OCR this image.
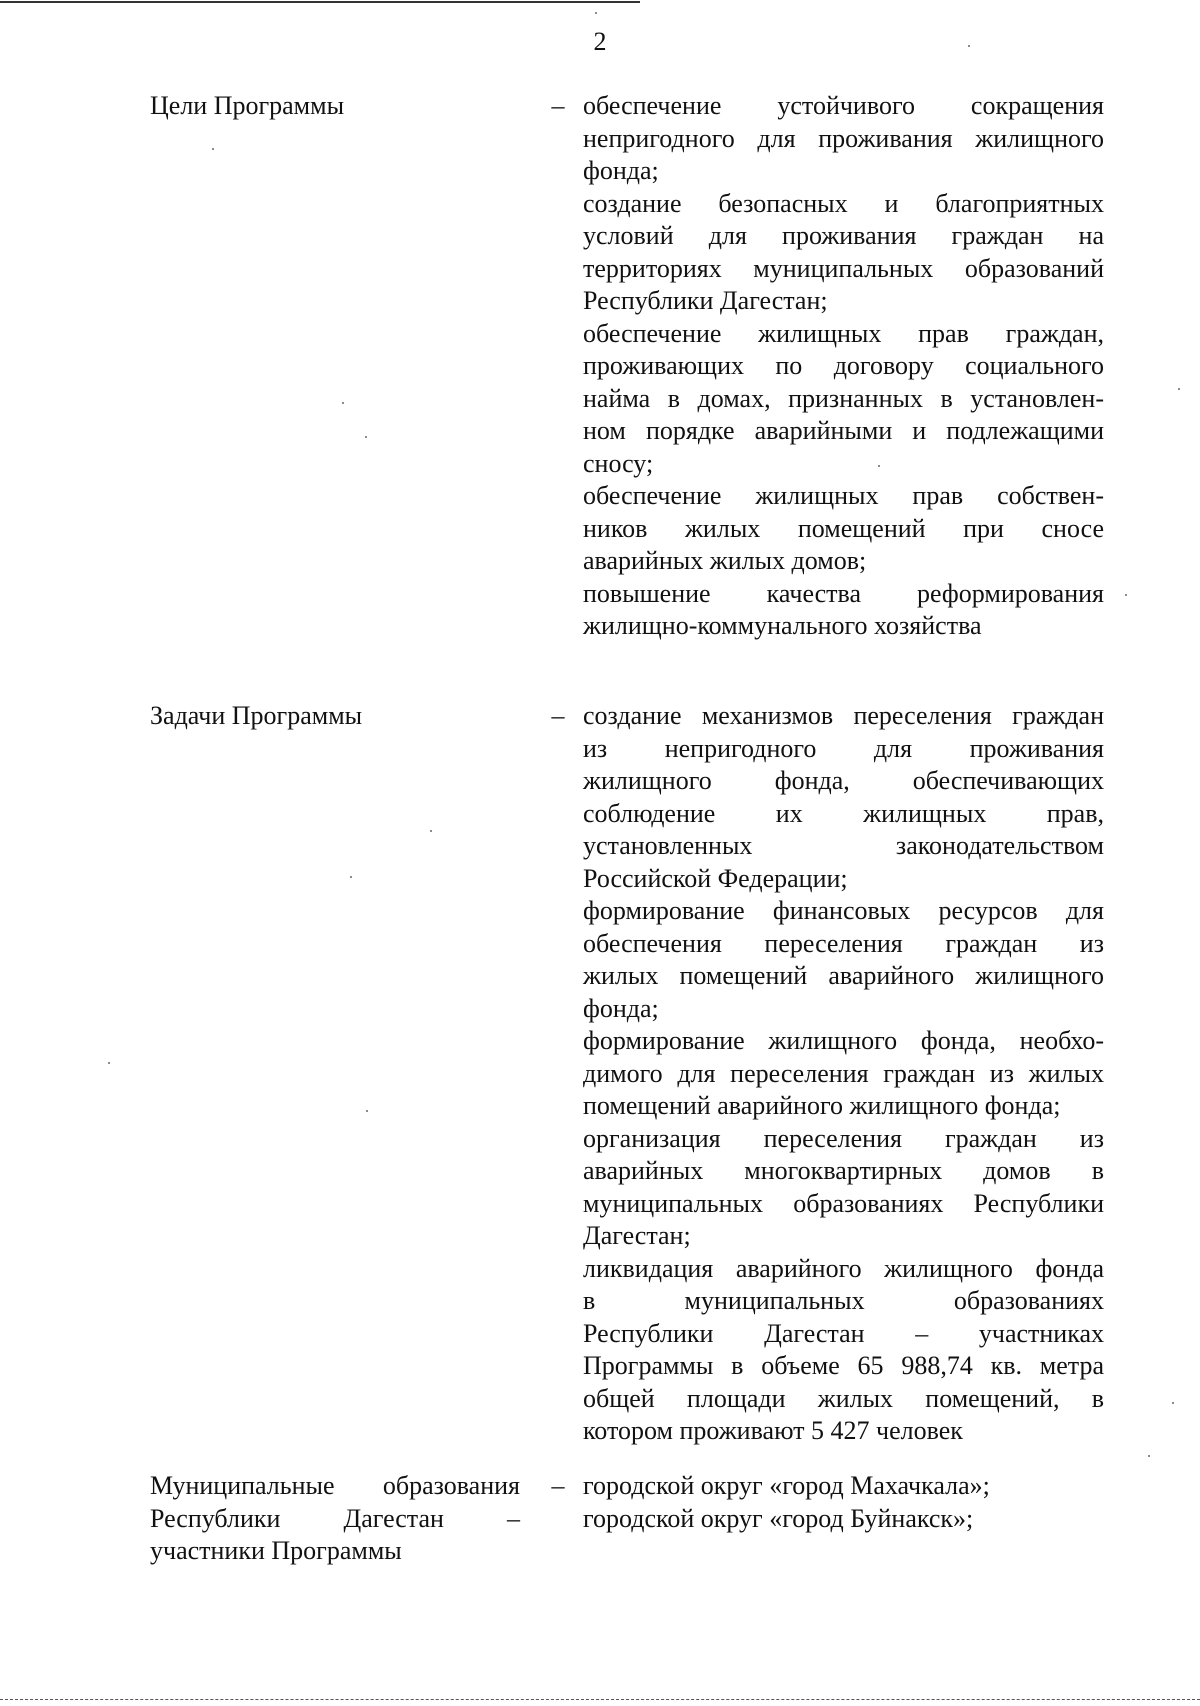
2
Цели Программы	– обеспечение устойчивого сокращения
непригодного для проживания жилищного
фонда;
создание безопасных и благоприятных
условий для проживания граждан на
территориях муниципальных образований
Республики Дагестан;
обеспечение жилищных прав граждан,
проживающих по договору социального
найма в домах, признанных в установлен-
ном порядке аварийными и подлежащими
сносу;
обеспечение жилищных прав собствен-
ников жилых помещений при сносе
аварийных жилых домов;
повышение качества реформирования
жилищно-коммунального хозяйства
Задачи Программы	– создание механизмов переселения граждан
из непригодного для проживания
жилищного фонда, обеспечивающих
соблюдение их жилищных прав,
установленных законодательством
Российской Федерации;
формирование финансовых ресурсов для
обеспечения переселения граждан из
жилых помещений аварийного жилищного
фонда;
формирование жилищного фонда, необхо-
димого для переселения граждан из жилых
помещений аварийного жилищного фонда;
организация переселения граждан из
аварийных многоквартирных домов в
муниципальных образованиях Республики
Дагестан;
ликвидация аварийного жилищного фонда
в муниципальных образованиях
Республики Дагестан – участниках
Программы в объеме 65 988,74 кв. метра
общей площади жилых помещений, в
котором проживают 5 427 человек
Муниципальные образования
Республики Дагестан –
участники Программы
– городской округ «город Махачкала»;
городской округ «город Буйнакск»;
